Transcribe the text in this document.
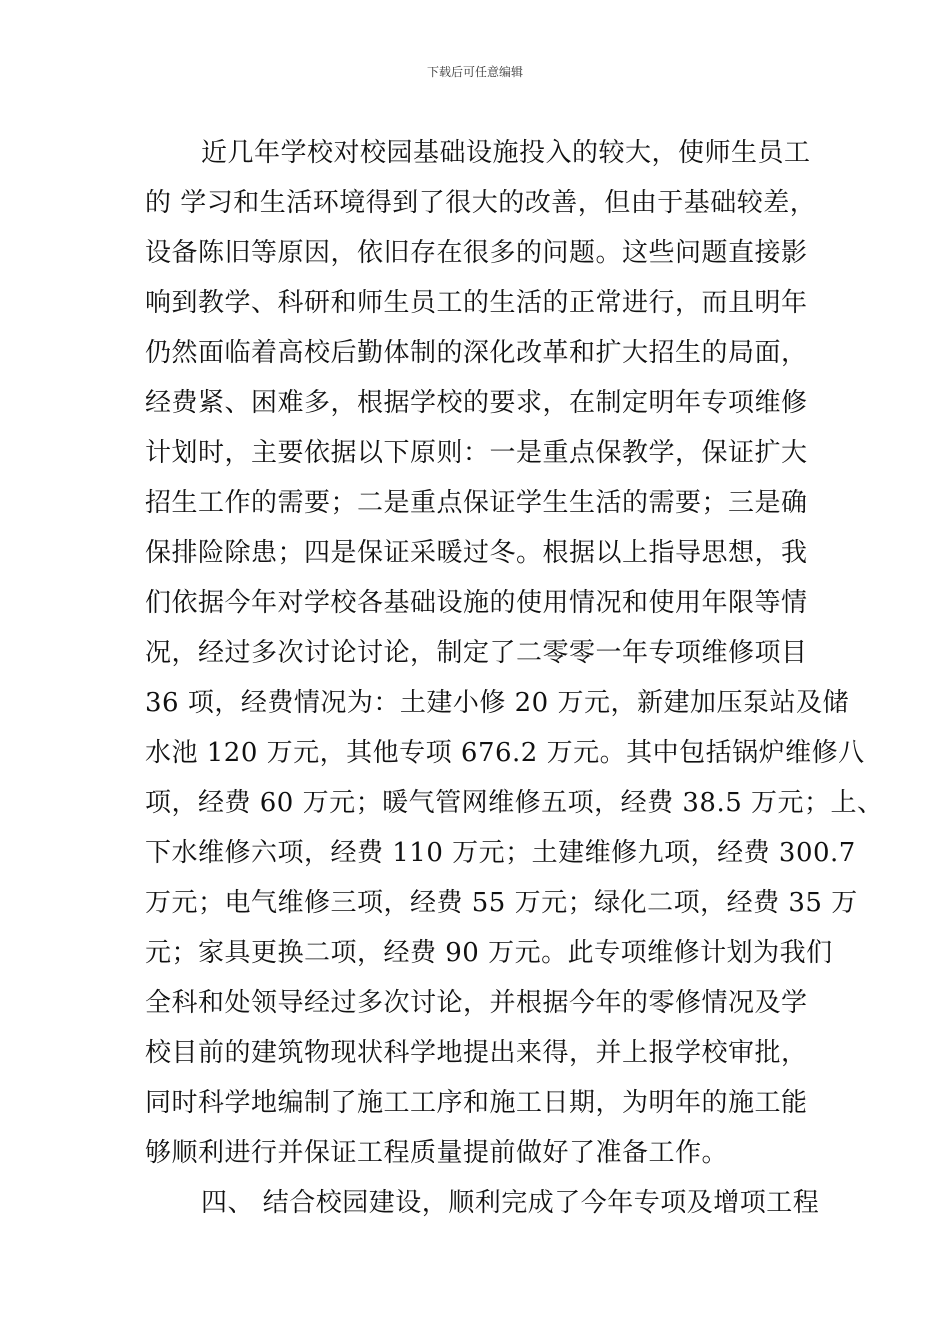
下载后可任意编辑
近几年学校对校园基础设施投入的较大，使师生员工
的 学习和生活环境得到了很大的改善，但由于基础较差，
设备陈旧等原因，依旧存在很多的问题。这些问题直接影
响到教学、科研和师生员工的生活的正常进行，而且明年
仍然面临着高校后勤体制的深化改革和扩大招生的局面，
经费紧、困难多，根据学校的要求，在制定明年专项维修
计划时，主要依据以下原则：一是重点保教学，保证扩大
招生工作的需要；二是重点保证学生生活的需要；三是确
保排险除患；四是保证采暖过冬。根据以上指导思想，我
们依据今年对学校各基础设施的使用情况和使用年限等情
况，经过多次讨论讨论，制定了二零零一年专项维修项目
36 项，经费情况为：土建小修 20 万元，新建加压泵站及储
水池 120 万元，其他专项 676.2 万元。其中包括锅炉维修八
项，经费 60 万元；暖气管网维修五项，经费 38.5 万元；上、
下水维修六项，经费 110 万元；土建维修九项，经费 300.7
万元；电气维修三项，经费 55 万元；绿化二项，经费 35 万
元；家具更换二项，经费 90 万元。此专项维修计划为我们
全科和处领导经过多次讨论，并根据今年的零修情况及学
校目前的建筑物现状科学地提出来得，并上报学校审批，
同时科学地编制了施工工序和施工日期，为明年的施工能
够顺利进行并保证工程质量提前做好了准备工作。
四、 结合校园建设，顺利完成了今年专项及增项工程
